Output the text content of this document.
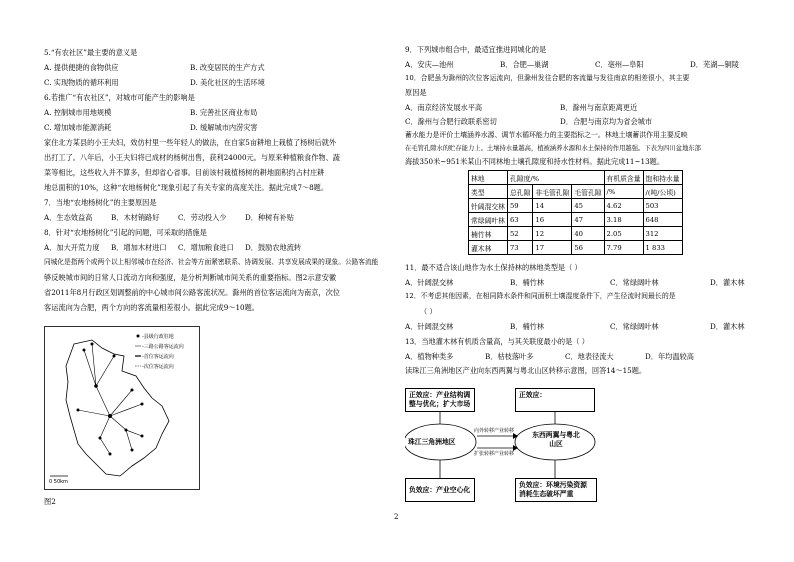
5.“有农社区”最主要的意义是
A. 提供便捷的食物供应	B. 改变居民的生产方式
C. 实现物质的循环利用	D. 美化社区的生活环境
6.若推广“有农社区”，对城市可能产生的影响是
A. 控制城市用地规模	B. 完善社区商业布局
C. 增加城市能源消耗	D. 缓解城市内涝灾害
家住北方某县的小王夫妇，效仿村里一些年轻人的做法，在自家5亩耕地上栽植了杨树后就外
出打工了。八年后，小王夫妇将已成材的杨树出售，获利24000元。与原来种植粮食作物、蔬
菜等相比，这些收入并不算多，但却省心省事。目前该村栽植杨树的耕地面积约占村庄耕
地总面积的10%，这种“农地杨树化”现象引起了有关专家的高度关注。据此完成7～8题。
7．当地“农地杨树化”的主要原因是
A．生态效益高	B．木材销路好	C．劳动投入少	D．种树有补贴
8．针对“农地杨树化”引起的问题，可采取的措施是
A．加大开荒力度 B．增加木材进口 C．增加粮食进口 D．鼓励农地流转
同城化是指两个或两个以上相邻城市在经济、社会等方面紧密联系、协调发展、共享发展成果的现象。公路客流能
够反映城市间的日常人口流动方向和强度，是分析判断城市间关系的重要指标。图2示意安徽
省2011年8月行政区划调整前的中心城市间公路客流状况。滁州的首位客运流向为南京，次位
客运流向为合肥，两个方向的客流量相差很小。据此完成9～10题。
-县级行政驻地
-三路公路客运流向
-首位客运流向
-次位客运流向
0 50km
图2
9．下列城市组合中，最适宜推进同城化的是
A．安庆—池州	B．合肥—巢湖	C．亳州—阜阳	D．芜湖—铜陵
10．合肥虽为滁州的次位客运流向，但滁州发往合肥的客流量与发往南京的相差很小，其主要
原因是
A．南京经济发展水平高	B．滁州与南京距离更近
C．滁州与合肥行政联系密切	D．合肥与南京均为省会城市
蓄水能力是评价土壤涵养水源、调节水循环能力的主要指标之一。林地土壤蓄洪作用主要反映
在毛管孔隙水的贮存能力上。土壤持水量越高，植被涵养水源和水土保持的作用越强。下表为四川盆地东部
海拔350米~951米某山不同林地土壤孔隙度和持水性材料。据此完成11~13题。
林地	孔隙度/%			有机质含量	饱和持水量
类型	总孔隙	非毛管孔隙	毛管孔隙	/%	/(吨/公顷)
针阔混交林	59	14	45	4.62	503
常绿阔叶林	63	16	47	3.18	648
楠竹林	52	12	40	2.05	312
灌木林	73	17	56	7.79	1 833
11．最不适合该山地作为水土保持林的林地类型是（ ）
A．针阔混交林	B．楠竹林	C．常绿阔叶林	D．灌木林
12．不考虑其他因素，在相同降水条件和同面积土壤湿度条件下，产生径流时间最长的是
（ ）
A．针阔混交林	B．楠竹林	C．常绿阔叶林	D．灌木林
13．当地灌木林有机质含量高，与其关联度最小的是（ ）
A．植物种类多	B．枯枝落叶多	C．地表径流大	D．年均温较高
读珠江三角洲地区产业向东西两翼与粤北山区转移示意图，回答14～15题。
正效应：产业结构调整与优化；扩大市场
正效应：
珠江三角洲地区
东西两翼与粤北山区
向外转移产业转移
扩张转移产业转移
负效应：产业空心化
负效应：环境污染资源消耗生态破坏严重
2
